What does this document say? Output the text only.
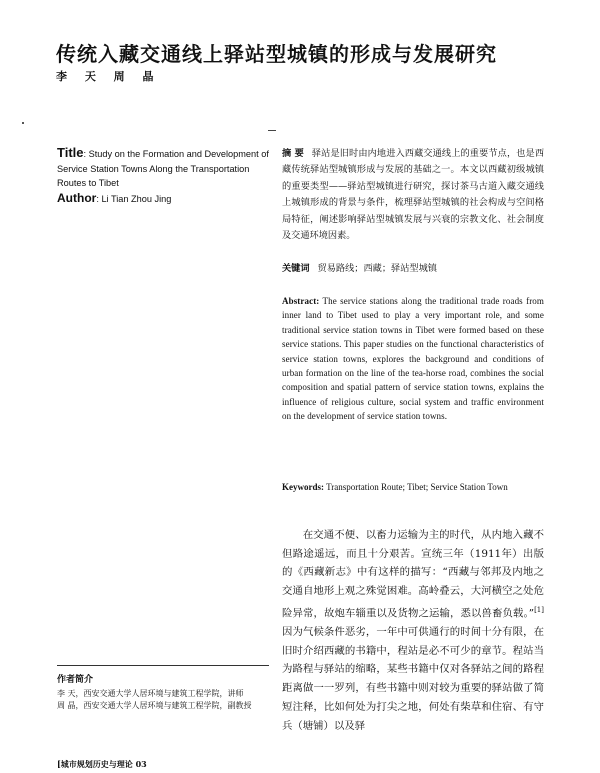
传统入藏交通线上驿站型城镇的形成与发展研究
李 天 周 晶
Title: Study on the Formation and Development of Service Station Towns Along the Transportation Routes to Tibet
Author: Li Tian Zhou Jing
摘 要 驿站是旧时由内地进入西藏交通线上的重要节点，也是西藏传统驿站型城镇形成与发展的基础之一。本文以西藏初级城镇的重要类型——驿站型城镇进行研究，探讨茶马古道入藏交通线上城镇形成的背景与条件，梳理驿站型城镇的社会构成与空间格局特征，阐述影响驿站型城镇发展与兴衰的宗教文化、社会制度及交通环境因素。
关键词 贸易路线；西藏；驿站型城镇
Abstract: The service stations along the traditional trade roads from inner land to Tibet used to play a very important role, and some traditional service station towns in Tibet were formed based on these service stations. This paper studies on the functional characteristics of service station towns, explores the background and conditions of urban formation on the line of the tea-horse road, combines the social composition and spatial pattern of service station towns, explains the influence of religious culture, social system and traffic environment on the development of service station towns.
Keywords: Transportation Route; Tibet; Service Station Town
在交通不便、以畜力运输为主的时代，从内地入藏不但路途遥远，而且十分艰苦。宣统三年（1911年）出版的《西藏新志》中有这样的描写：“西藏与邻邦及内地之交通自地形上观之殊觉困难。高岭叠云，大河横空之处危险异常，故炮车辎重以及货物之运输，悉以兽畜负载。”[1]因为气候条件恶劣，一年中可供通行的时间十分有限，在旧时介绍西藏的书籍中，程站是必不可少的章节。程站当为路程与驿站的缩略，某些书籍中仅对各驿站之间的路程距离做一一罗列，有些书籍中则对较为重要的驿站做了简短注释，比如何处为打尖之地，何处有柴草和住宿、有守兵（塘铺）以及驿
作者简介
李 天，西安交通大学人居环境与建筑工程学院，讲师
周 晶，西安交通大学人居环境与建筑工程学院，副教授
[城市规划历史与理论 03
